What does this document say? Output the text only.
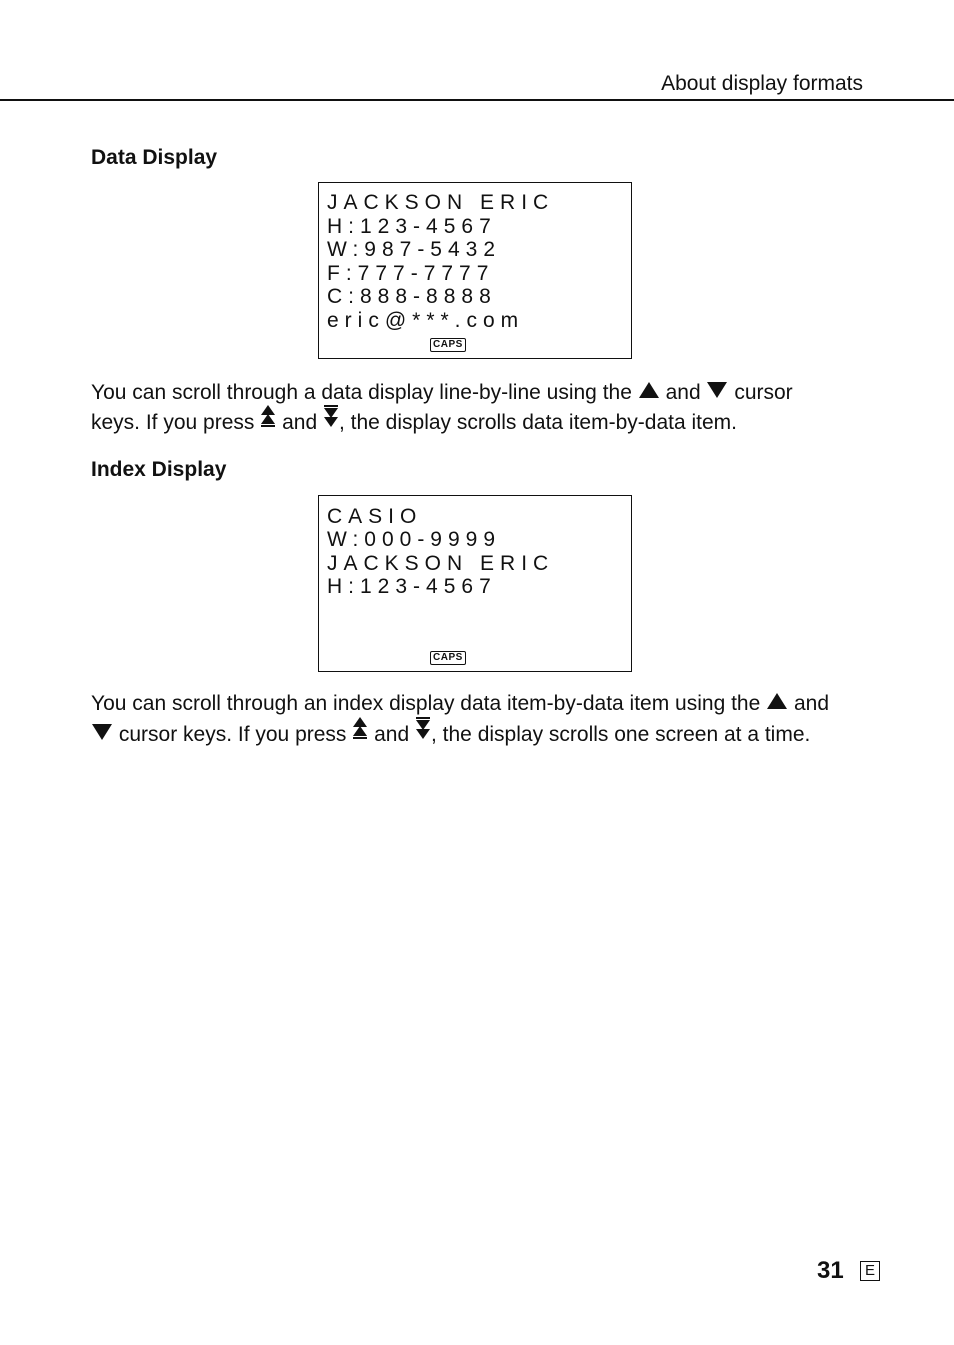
About display formats
Data Display
JACKSON ERIC
H:123-4567
W:987-5432
F:777-7777
C:888-8888
eric@***.com
CAPS
You can scroll through a data display line-by-line using the and cursor
keys. If you press and , the display scrolls data item-by-data item.
Index Display
CASIO
W:000-9999
JACKSON ERIC
H:123-4567
CAPS
You can scroll through an index display data item-by-data item using the and
cursor keys. If you press and , the display scrolls one screen at a time.
31	E
